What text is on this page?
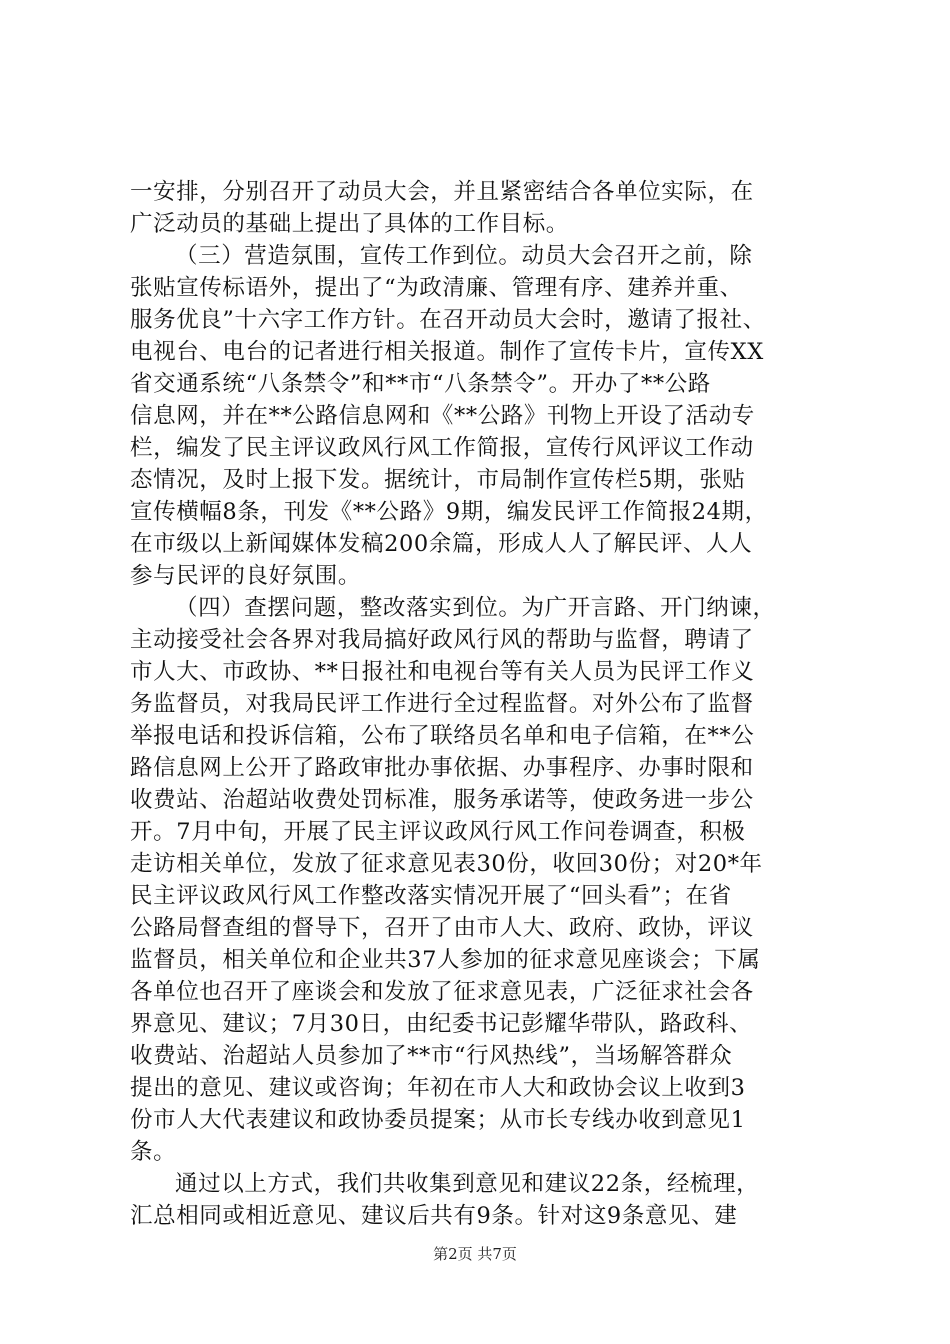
一安排，分别召开了动员大会，并且紧密结合各单位实际，在
广泛动员的基础上提出了具体的工作目标。
（三）营造氛围，宣传工作到位。动员大会召开之前，除
张贴宣传标语外，提出了“为政清廉、管理有序、建养并重、
服务优良”十六字工作方针。在召开动员大会时，邀请了报社、
电视台、电台的记者进行相关报道。制作了宣传卡片，宣传XX
省交通系统“八条禁令”和**市“八条禁令”。开办了**公路
信息网，并在**公路信息网和《**公路》刊物上开设了活动专
栏，编发了民主评议政风行风工作简报，宣传行风评议工作动
态情况，及时上报下发。据统计，市局制作宣传栏5期，张贴
宣传横幅8条，刊发《**公路》9期，编发民评工作简报24期，
在市级以上新闻媒体发稿200余篇，形成人人了解民评、人人
参与民评的良好氛围。
（四）查摆问题，整改落实到位。为广开言路、开门纳谏，
主动接受社会各界对我局搞好政风行风的帮助与监督，聘请了
市人大、市政协、**日报社和电视台等有关人员为民评工作义
务监督员，对我局民评工作进行全过程监督。对外公布了监督
举报电话和投诉信箱，公布了联络员名单和电子信箱，在**公
路信息网上公开了路政审批办事依据、办事程序、办事时限和
收费站、治超站收费处罚标准，服务承诺等，使政务进一步公
开。7月中旬，开展了民主评议政风行风工作问卷调查，积极
走访相关单位，发放了征求意见表30份，收回30份；对20*年
民主评议政风行风工作整改落实情况开展了“回头看”；在省
公路局督查组的督导下，召开了由市人大、政府、政协，评议
监督员，相关单位和企业共37人参加的征求意见座谈会；下属
各单位也召开了座谈会和发放了征求意见表，广泛征求社会各
界意见、建议；7月30日，由纪委书记彭耀华带队，路政科、
收费站、治超站人员参加了**市“行风热线”，当场解答群众
提出的意见、建议或咨询；年初在市人大和政协会议上收到3
份市人大代表建议和政协委员提案；从市长专线办收到意见1
条。
通过以上方式，我们共收集到意见和建议22条，经梳理，
汇总相同或相近意见、建议后共有9条。针对这9条意见、建
第2页 共7页
